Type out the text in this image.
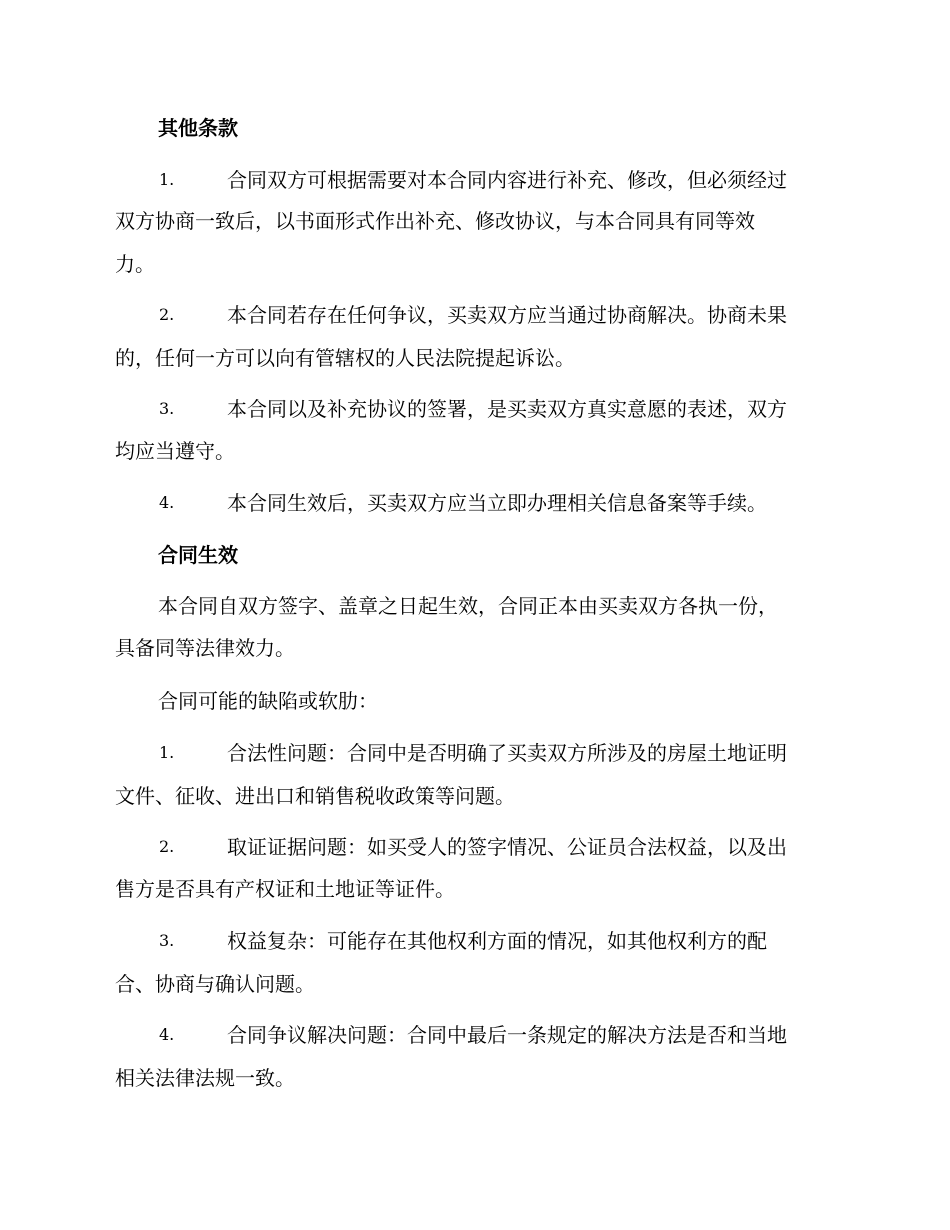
其他条款
1.	合同双方可根据需要对本合同内容进行补充、修改，但必须经过
双方协商一致后，以书面形式作出补充、修改协议，与本合同具有同等效
力。
2.	本合同若存在任何争议，买卖双方应当通过协商解决。协商未果
的，任何一方可以向有管辖权的人民法院提起诉讼。
3.	本合同以及补充协议的签署，是买卖双方真实意愿的表述，双方
均应当遵守。
4.	本合同生效后，买卖双方应当立即办理相关信息备案等手续。
合同生效
本合同自双方签字、盖章之日起生效，合同正本由买卖双方各执一份，
具备同等法律效力。
合同可能的缺陷或软肋：
1.	合法性问题：合同中是否明确了买卖双方所涉及的房屋土地证明
文件、征收、进出口和销售税收政策等问题。
2.	取证证据问题：如买受人的签字情况、公证员合法权益，以及出
售方是否具有产权证和土地证等证件。
3.	权益复杂：可能存在其他权利方面的情况，如其他权利方的配
合、协商与确认问题。
4.	合同争议解决问题：合同中最后一条规定的解决方法是否和当地
相关法律法规一致。
